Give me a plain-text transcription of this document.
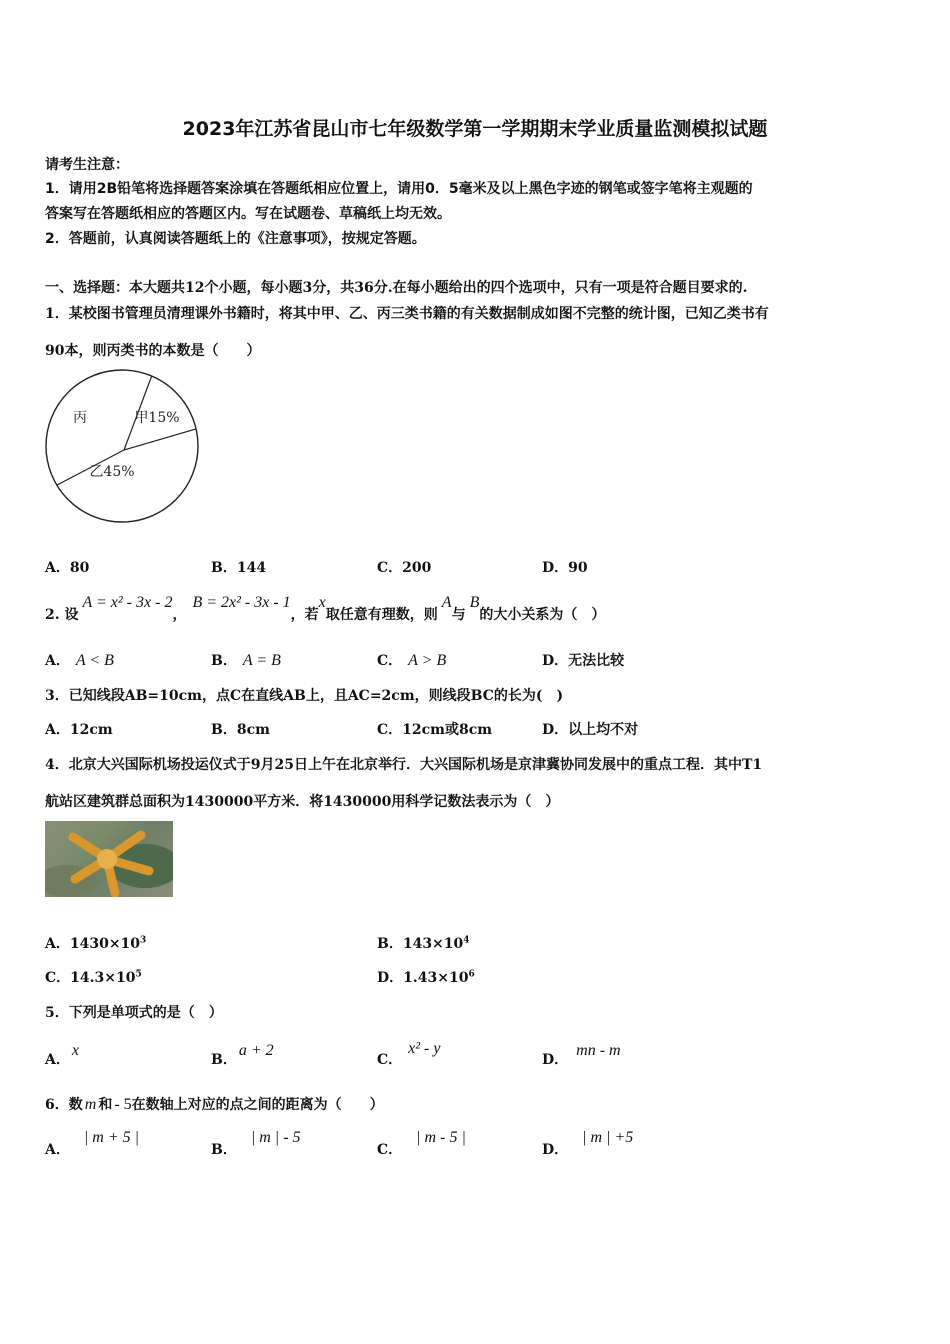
2023年江苏省昆山市七年级数学第一学期期末学业质量监测模拟试题
请考生注意：
1．请用2B铅笔将选择题答案涂填在答题纸相应位置上，请用0．5毫米及以上黑色字迹的钢笔或签字笔将主观题的
答案写在答题纸相应的答题区内。写在试题卷、草稿纸上均无效。
2．答题前，认真阅读答题纸上的《注意事项》，按规定答题。
一、选择题：本大题共12个小题，每小题3分，共36分.在每小题给出的四个选项中，只有一项是符合题目要求的.
1．某校图书管理员清理课外书籍时，将其中甲、乙、丙三类书籍的有关数据制成如图不完整的统计图，已知乙类书有
90本，则丙类书的本数是（　　）
丙	甲15%
乙45%
A．80	B．144	C．200	D．90
2. 设A = x² - 3x - 2，B = 2x² - 3x - 1，若x取任意有理数，则A与B的大小关系为（　）
A． A < B	B． A = B	C． A > B	D．无法比较
3．已知线段AB=10cm，点C在直线AB上，且AC=2cm，则线段BC的长为(　)
A．12cm	B．8cm	C．12cm或8cm	D．以上均不对
4．北京大兴国际机场投运仪式于9月25日上午在北京举行．大兴国际机场是京津冀协同发展中的重点工程．其中T1
航站区建筑群总面积为1430000平方米．将1430000用科学记数法表示为（　）
A．$1430\times 10^3$	B．$143\times 10^4$
C．$14.3\times 10^5$	D．$1.43\times 10^6$
5．下列是单项式的是（　）
A．x
B．a + 2
C．x² - y
D．mn - m
6．数 m 和 - 5在数轴上对应的点之间的距离为（　　）
A．| m + 5 |
B．| m | - 5
C．| m - 5 |
D．| m | +5
